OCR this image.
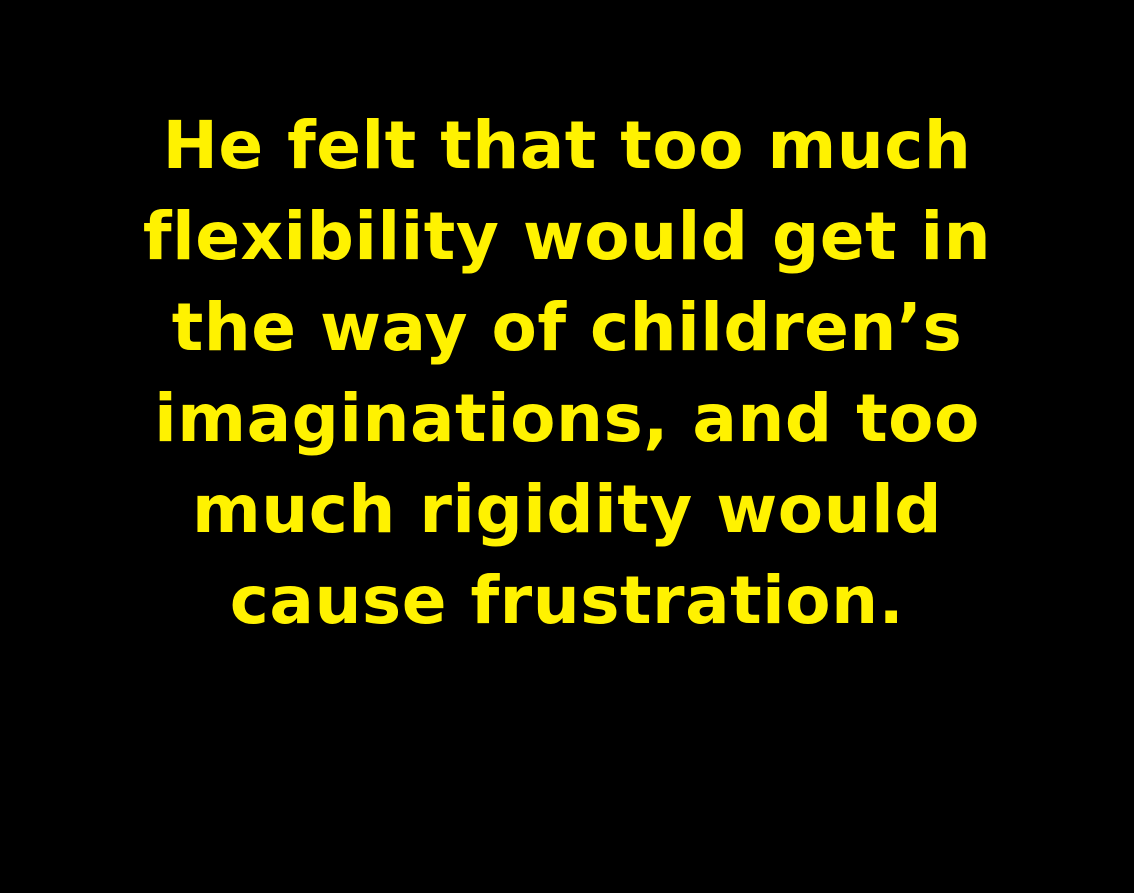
He felt that too much
flexibility would get in
the way of children’s
imaginations, and too
much rigidity would
cause frustration.
